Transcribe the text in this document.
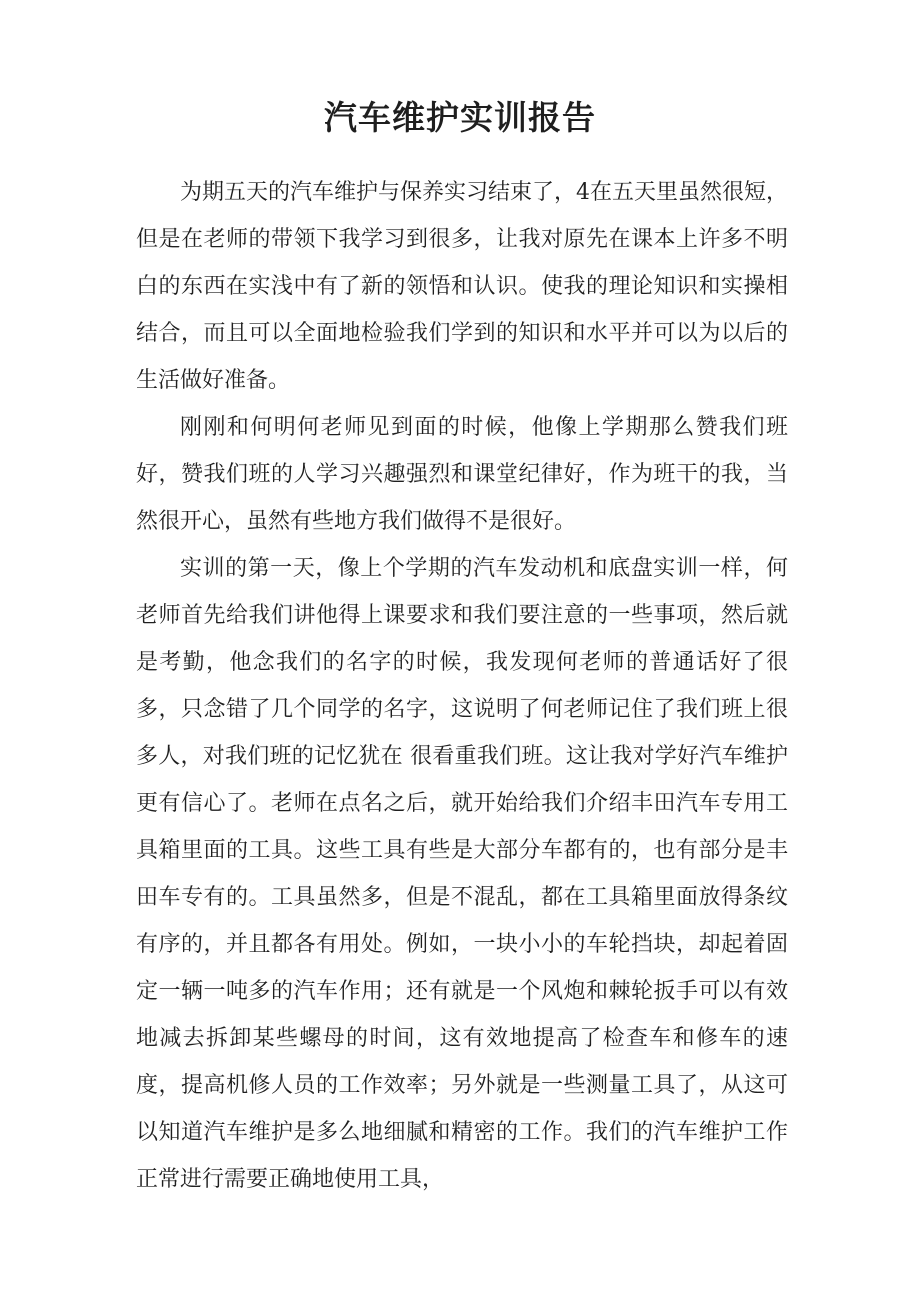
汽车维护实训报告

为期五天的汽车维护与保养实习结束了，4在五天里虽然很短，但是在老师的带领下我学习到很多，让我对原先在课本上许多不明白的东西在实浅中有了新的领悟和认识。使我的理论知识和实操相结合，而且可以全面地检验我们学到的知识和水平并可以为以后的生活做好准备。

刚刚和何明何老师见到面的时候，他像上学期那么赞我们班好，赞我们班的人学习兴趣强烈和课堂纪律好，作为班干的我，当然很开心，虽然有些地方我们做得不是很好。

实训的第一天，像上个学期的汽车发动机和底盘实训一样，何老师首先给我们讲他得上课要求和我们要注意的一些事项，然后就是考勤，他念我们的名字的时候，我发现何老师的普通话好了很多，只念错了几个同学的名字，这说明了何老师记住了我们班上很多人，对我们班的记忆犹在 很看重我们班。这让我对学好汽车维护更有信心了。老师在点名之后，就开始给我们介绍丰田汽车专用工具箱里面的工具。这些工具有些是大部分车都有的，也有部分是丰田车专有的。工具虽然多，但是不混乱，都在工具箱里面放得条纹有序的，并且都各有用处。例如，一块小小的车轮挡块，却起着固定一辆一吨多的汽车作用；还有就是一个风炮和棘轮扳手可以有效地减去拆卸某些螺母的时间，这有效地提高了检查车和修车的速度，提高机修人员的工作效率；另外就是一些测量工具了，从这可以知道汽车维护是多么地细腻和精密的工作。我们的汽车维护工作正常进行需要正确地使用工具，
